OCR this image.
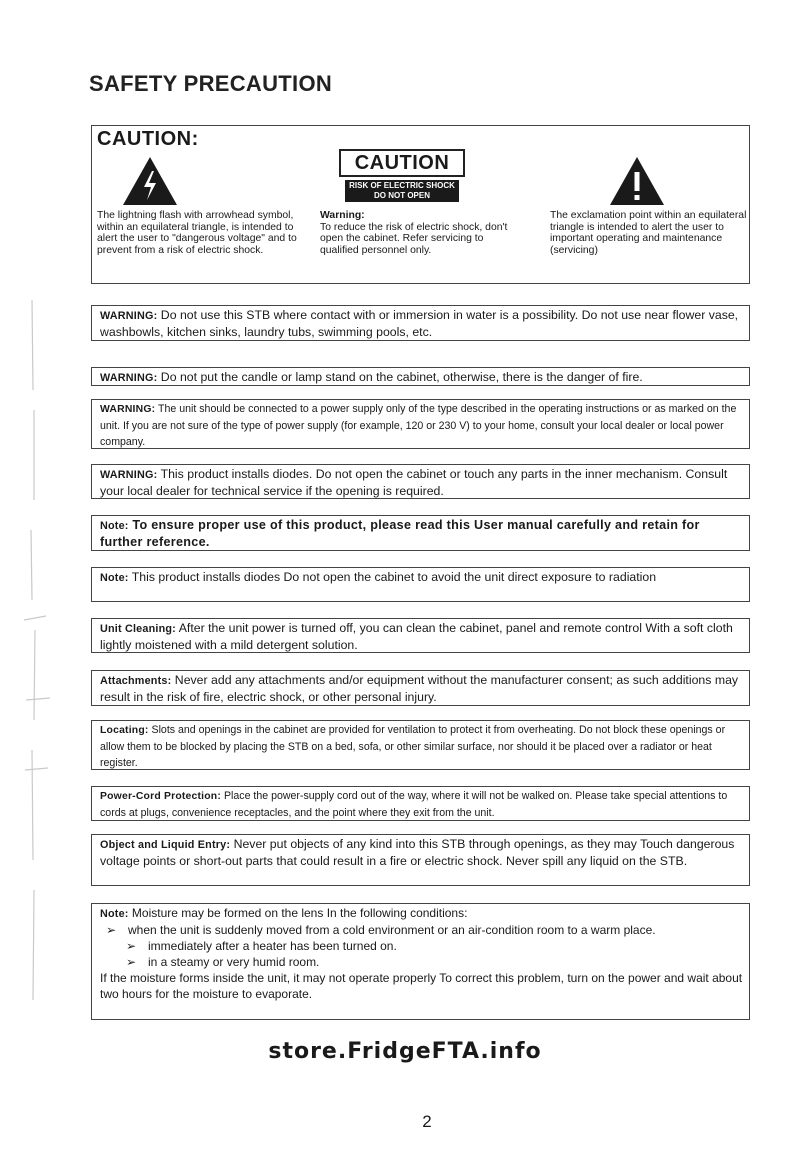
SAFETY PRECAUTION
CAUTION:
CAUTION
RISK OF ELECTRIC SHOCK
DO NOT OPEN
The lightning flash with arrowhead symbol, within an equilateral triangle, is intended to alert the user to "dangerous voltage" and to prevent from a risk of electric shock.
Warning:
To reduce the risk of electric shock, don't open the cabinet. Refer servicing to qualified personnel only.
The exclamation point within an equilateral triangle is intended to alert the user to important operating and maintenance (servicing)
WARNING: Do not use this STB where contact with or immersion in water is a possibility. Do not use near flower vase, washbowls, kitchen sinks, laundry tubs, swimming pools, etc.
WARNING: Do not put the candle or lamp stand on the cabinet, otherwise, there is the danger of fire.
WARNING: The unit should be connected to a power supply only of the type described in the operating instructions or as marked on the unit. If you are not sure of the type of power supply (for example, 120 or 230 V) to your home, consult your local dealer or local power company.
WARNING: This product installs diodes. Do not open the cabinet or touch any parts in the inner mechanism. Consult your local dealer for technical service if the opening is required.
Note: To ensure proper use of this product, please read this User manual carefully and retain for further reference.
Note: This product installs diodes Do not open the cabinet to avoid the unit direct exposure to radiation
Unit Cleaning: After the unit power is turned off, you can clean the cabinet, panel and remote control With a soft cloth lightly moistened with a mild detergent solution.
Attachments: Never add any attachments and/or equipment without the manufacturer consent; as such additions may result in the risk of fire, electric shock, or other personal injury.
Locating: Slots and openings in the cabinet are provided for ventilation to protect it from overheating. Do not block these openings or allow them to be blocked by placing the STB on a bed, sofa, or other similar surface, nor should it be placed over a radiator or heat register.
Power-Cord Protection: Place the power-supply cord out of the way, where it will not be walked on. Please take special attentions to cords at plugs, convenience receptacles, and the point where they exit from the unit.
Object and Liquid Entry: Never put objects of any kind into this STB through openings, as they may Touch dangerous voltage points or short-out parts that could result in a fire or electric shock. Never spill any liquid on the STB.
Note: Moisture may be formed on the lens In the following conditions:
➢ when the unit is suddenly moved from a cold environment or an air-condition room to a warm place.
➢ immediately after a heater has been turned on.
➢ in a steamy or very humid room.
If the moisture forms inside the unit, it may not operate properly To correct this problem, turn on the power and wait about two hours for the moisture to evaporate.
store.FridgeFTA.info
2
